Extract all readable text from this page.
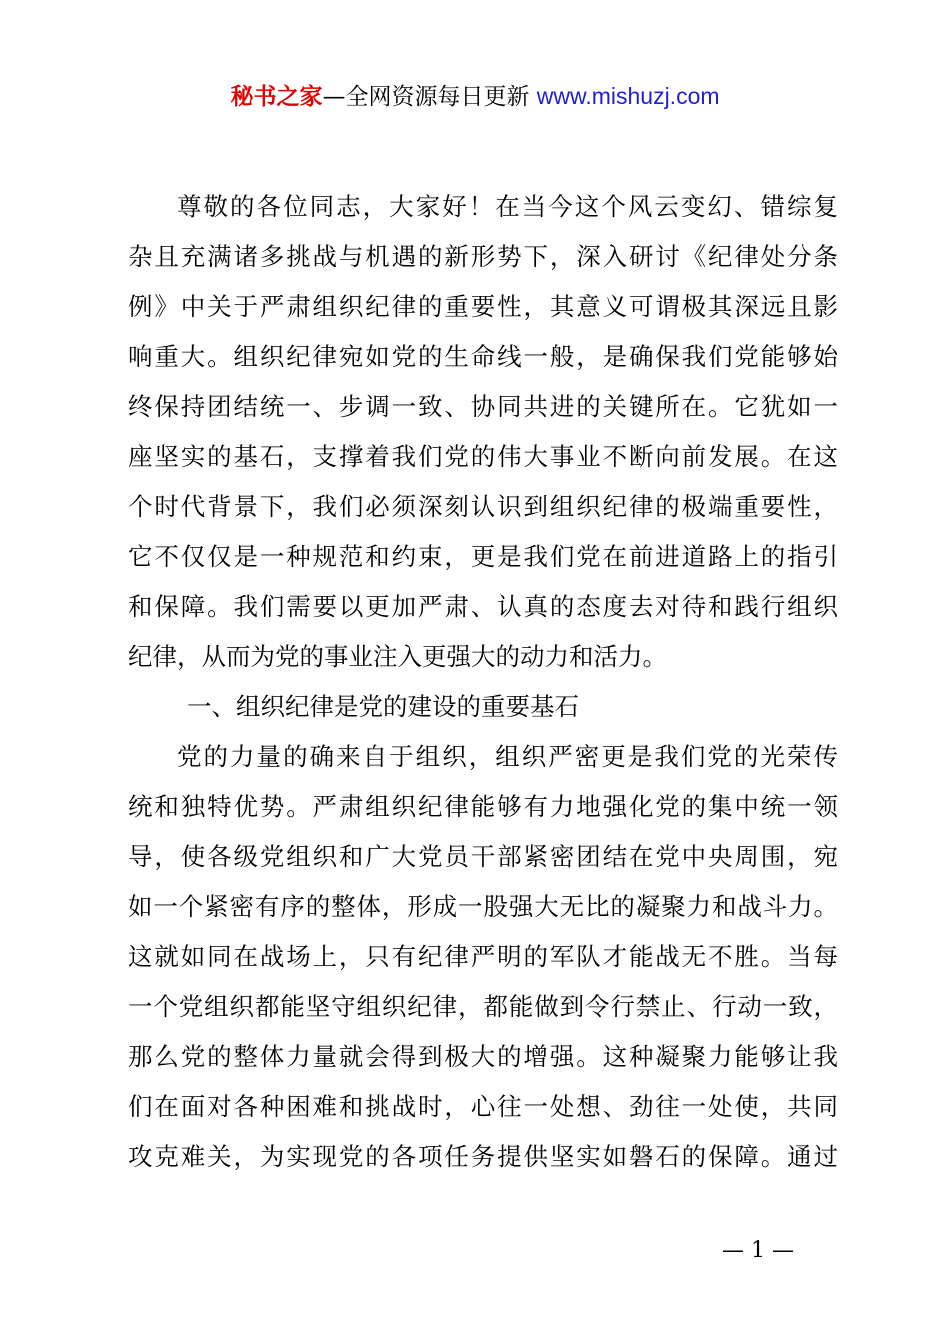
秘书之家—全网资源每日更新 www.mishuzj.com
尊敬的各位同志，大家好！在当今这个风云变幻、错综复
杂且充满诸多挑战与机遇的新形势下，深入研讨《纪律处分条
例》中关于严肃组织纪律的重要性，其意义可谓极其深远且影
响重大。组织纪律宛如党的生命线一般，是确保我们党能够始
终保持团结统一、步调一致、协同共进的关键所在。它犹如一
座坚实的基石，支撑着我们党的伟大事业不断向前发展。在这
个时代背景下，我们必须深刻认识到组织纪律的极端重要性，
它不仅仅是一种规范和约束，更是我们党在前进道路上的指引
和保障。我们需要以更加严肃、认真的态度去对待和践行组织
纪律，从而为党的事业注入更强大的动力和活力。
一、组织纪律是党的建设的重要基石
党的力量的确来自于组织，组织严密更是我们党的光荣传
统和独特优势。严肃组织纪律能够有力地强化党的集中统一领
导，使各级党组织和广大党员干部紧密团结在党中央周围，宛
如一个紧密有序的整体，形成一股强大无比的凝聚力和战斗力。
这就如同在战场上，只有纪律严明的军队才能战无不胜。当每
一个党组织都能坚守组织纪律，都能做到令行禁止、行动一致，
那么党的整体力量就会得到极大的增强。这种凝聚力能够让我
们在面对各种困难和挑战时，心往一处想、劲往一处使，共同
攻克难关，为实现党的各项任务提供坚实如磐石的保障。通过
— 1 —
